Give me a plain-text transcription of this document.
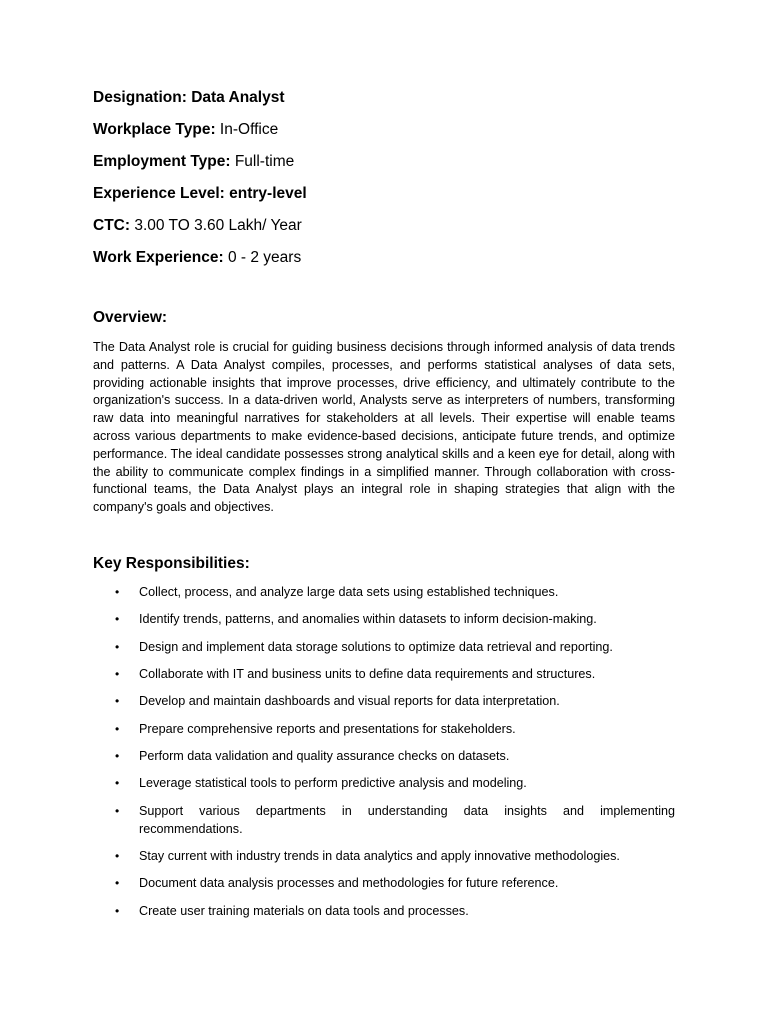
Designation: Data Analyst
Workplace Type: In-Office
Employment Type: Full-time
Experience Level: entry-level
CTC: 3.00 TO 3.60 Lakh/ Year
Work Experience: 0 - 2 years
Overview:

The Data Analyst role is crucial for guiding business decisions through informed analysis of data trends and patterns. A Data Analyst compiles, processes, and performs statistical analyses of data sets, providing actionable insights that improve processes, drive efficiency, and ultimately contribute to the organization's success. In a data-driven world, Analysts serve as interpreters of numbers, transforming raw data into meaningful narratives for stakeholders at all levels. Their expertise will enable teams across various departments to make evidence-based decisions, anticipate future trends, and optimize performance. The ideal candidate possesses strong analytical skills and a keen eye for detail, along with the ability to communicate complex findings in a simplified manner. Through collaboration with cross-functional teams, the Data Analyst plays an integral role in shaping strategies that align with the company's goals and objectives.

Key Responsibilities:
• Collect, process, and analyze large data sets using established techniques.
• Identify trends, patterns, and anomalies within datasets to inform decision-making.
• Design and implement data storage solutions to optimize data retrieval and reporting.
• Collaborate with IT and business units to define data requirements and structures.
• Develop and maintain dashboards and visual reports for data interpretation.
• Prepare comprehensive reports and presentations for stakeholders.
• Perform data validation and quality assurance checks on datasets.
• Leverage statistical tools to perform predictive analysis and modeling.
• Support various departments in understanding data insights and implementing recommendations.
• Stay current with industry trends in data analytics and apply innovative methodologies.
• Document data analysis processes and methodologies for future reference.
• Create user training materials on data tools and processes.
